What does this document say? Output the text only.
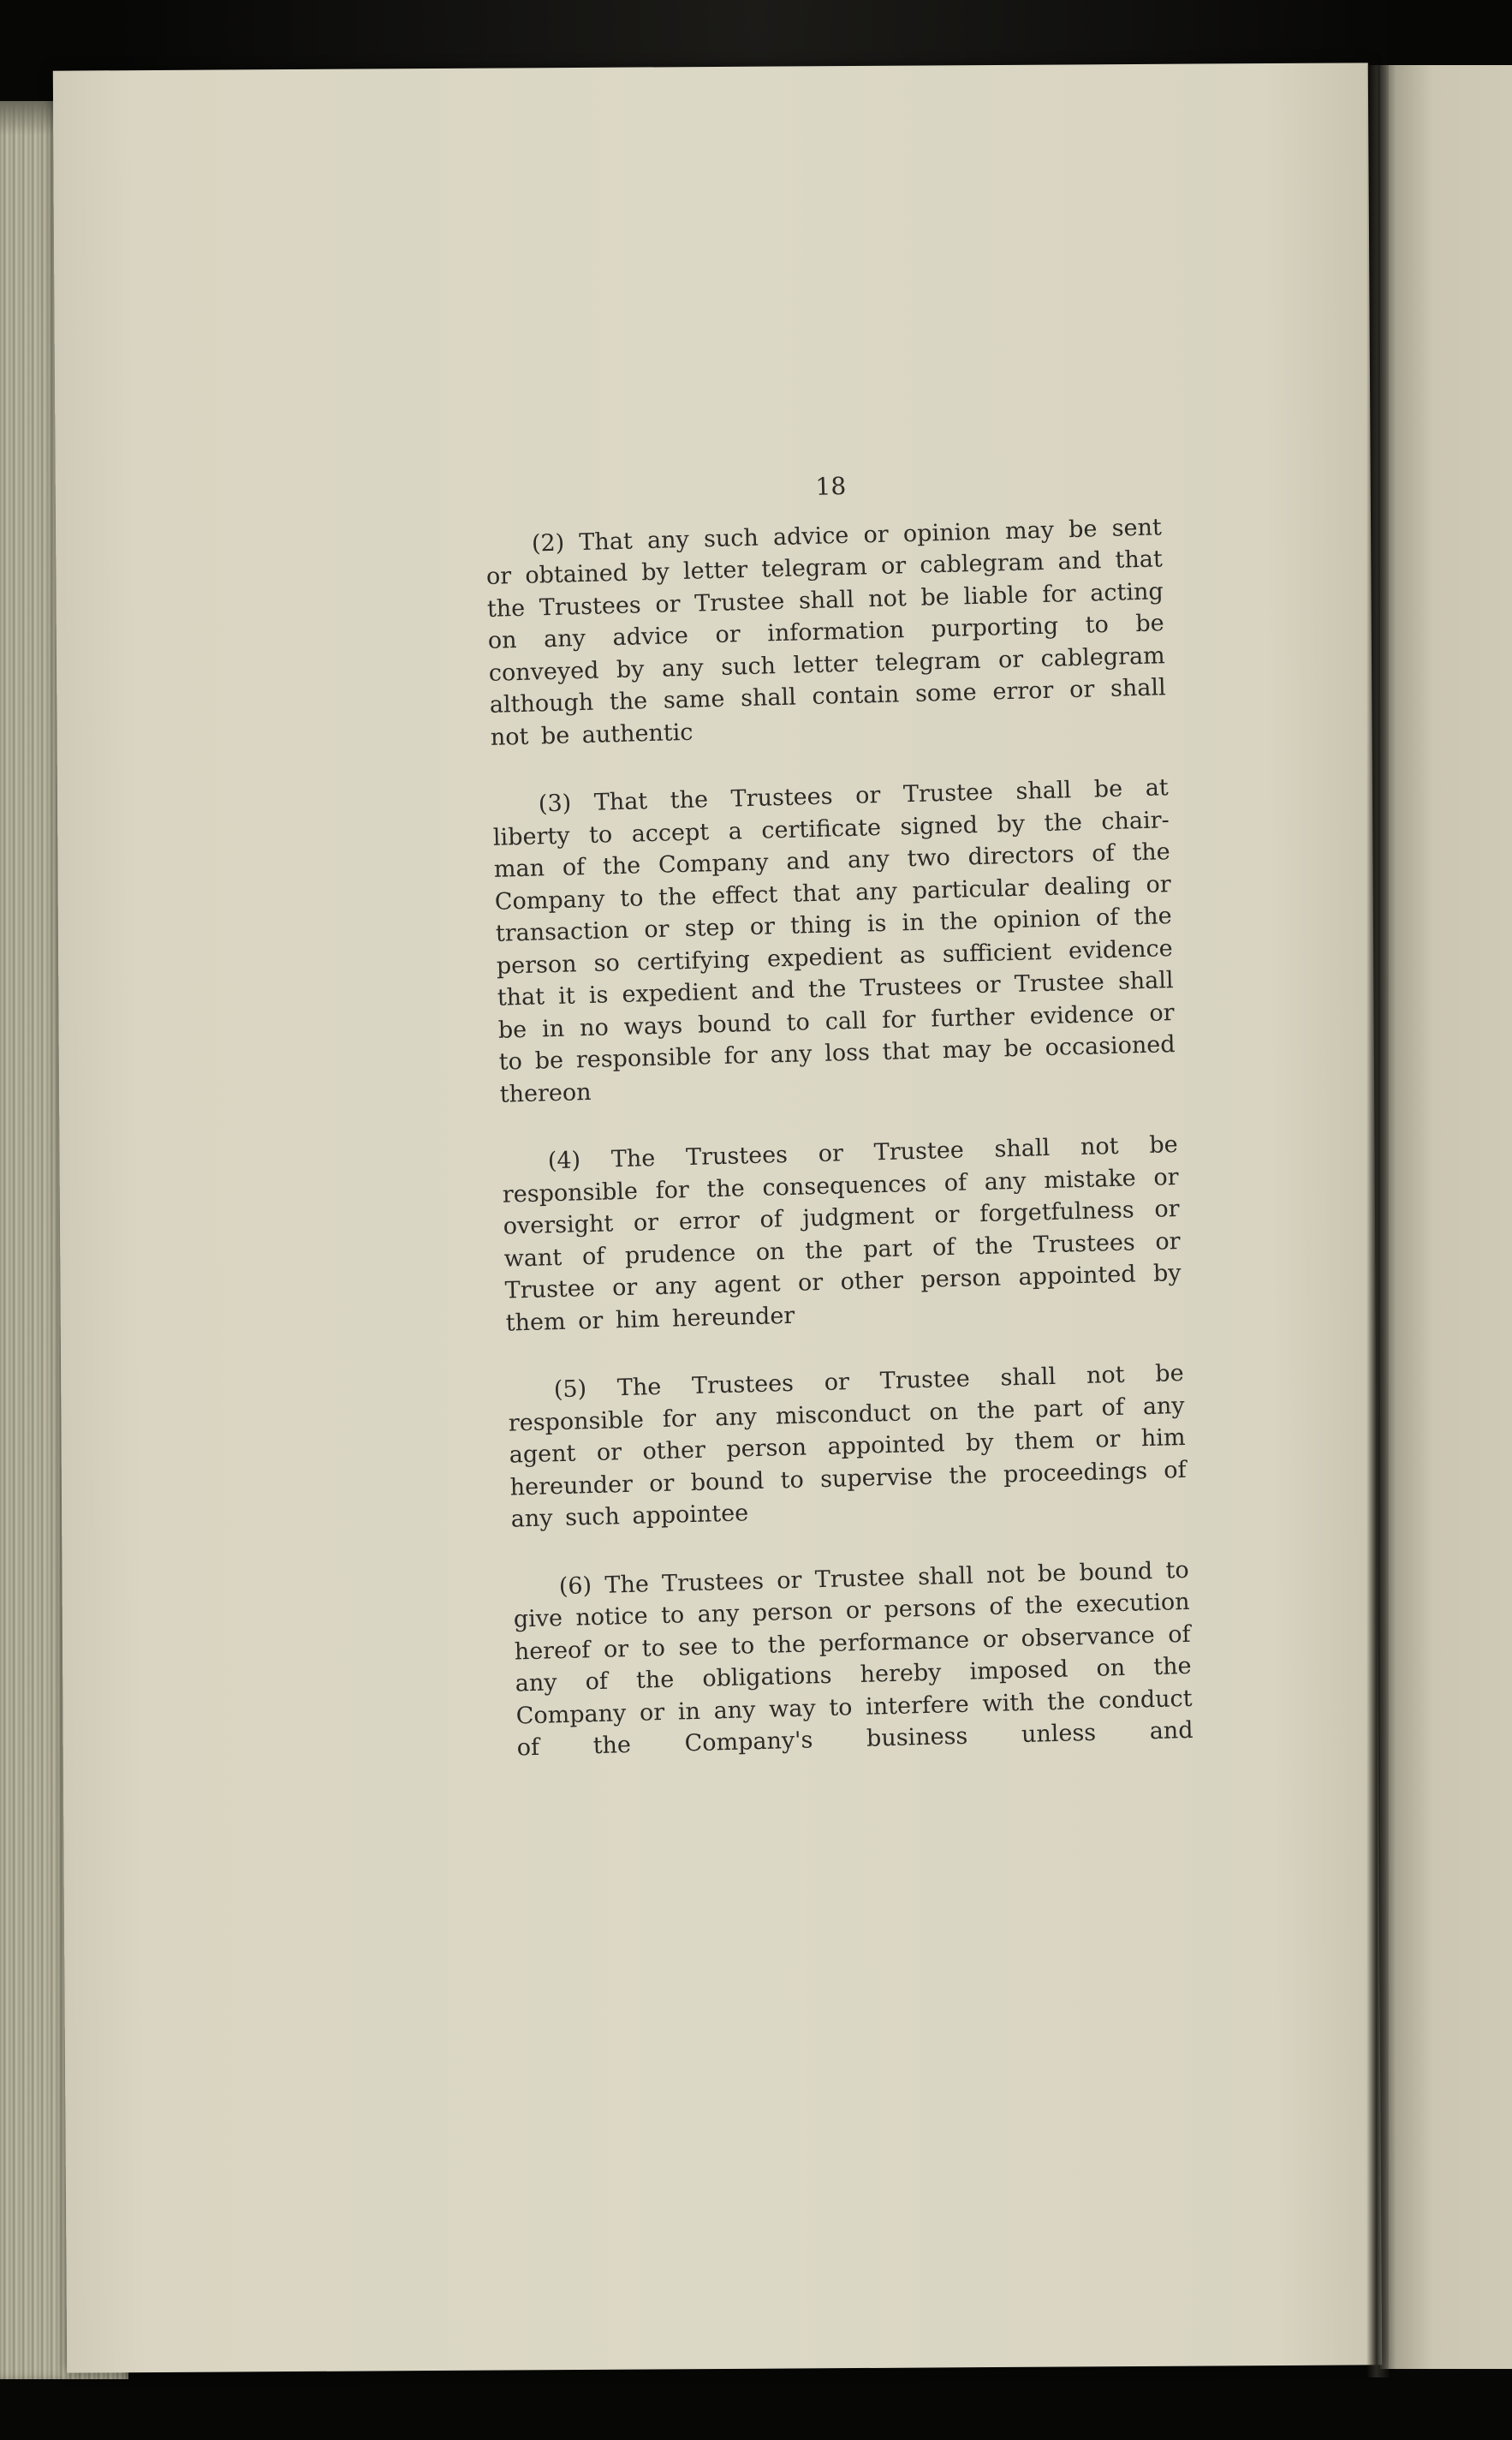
18

(2) That any such advice or opinion may be sent or obtained by letter telegram or cablegram and that the Trustees or Trustee shall not be liable for acting on any advice or information purporting to be conveyed by any such letter telegram or cablegram although the same shall contain some error or shall not be authentic

(3) That the Trustees or Trustee shall be at liberty to accept a certificate signed by the chair- man of the Company and any two directors of the Company to the effect that any particular dealing or transaction or step or thing is in the opinion of the person so certifying expedient as sufficient evidence that it is expedient and the Trustees or Trustee shall be in no ways bound to call for further evidence or to be responsible for any loss that may be occasioned thereon

(4) The Trustees or Trustee shall not be responsible for the consequences of any mistake or oversight or error of judgment or forgetfulness or want of prudence on the part of the Trustees or Trustee or any agent or other person appointed by them or him hereunder

(5) The Trustees or Trustee shall not be responsible for any misconduct on the part of any agent or other person appointed by them or him hereunder or bound to supervise the proceedings of any such appointee

(6) The Trustees or Trustee shall not be bound to give notice to any person or persons of the execution hereof or to see to the performance or observance of any of the obligations hereby imposed on the Company or in any way to interfere with the conduct of the Company's business unless and
